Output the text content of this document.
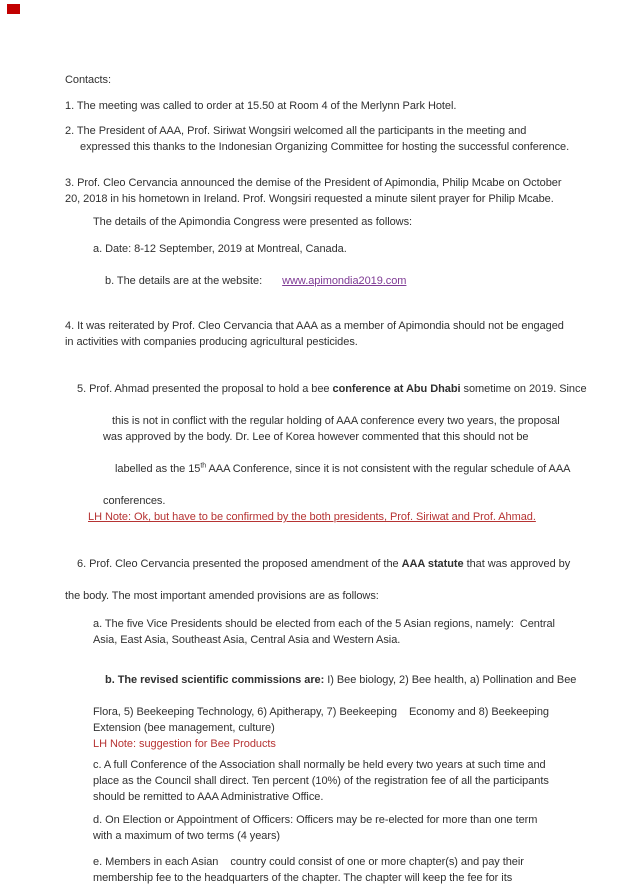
Contacts:
1. The meeting was called to order at 15.50 at Room 4 of the Merlynn Park Hotel.
2. The President of AAA, Prof. Siriwat Wongsiri welcomed all the participants in the meeting and
expressed this thanks to the Indonesian Organizing Committee for hosting the successful conference.
3. Prof. Cleo Cervancia announced the demise of the President of Apimondia, Philip Mcabe on October
20, 2018 in his hometown in Ireland. Prof. Wongsiri requested a minute silent prayer for Philip Mcabe.
The details of the Apimondia Congress were presented as follows:
a. Date: 8-12 September, 2019 at Montreal, Canada.

b. The details are at the website: www.apimondia2019.com

4. It was reiterated by Prof. Cleo Cervancia that AAA as a member of Apimondia should not be engaged
in activities with companies producing agricultural pesticides.

5. Prof. Ahmad presented the proposal to hold a bee conference at Abu Dhabi sometime on 2019. Since

this is not in conflict with the regular holding of AAA conference every two years, the proposal
was approved by the body. Dr. Lee of Korea however commented that this should not be

labelled as the 15th AAA Conference, since it is not consistent with the regular schedule of AAA

conferences.
LH Note: Ok, but have to be confirmed by the both presidents, Prof. Siriwat and Prof. Ahmad.

6. Prof. Cleo Cervancia presented the proposed amendment of the AAA statute that was approved by

the body. The most important amended provisions are as follows:
a. The five Vice Presidents should be elected from each of the 5 Asian regions, namely:  Central
Asia, East Asia, Southeast Asia, Central Asia and Western Asia.

b. The revised scientific commissions are: I) Bee biology, 2) Bee health, a) Pollination and Bee

Flora, 5) Beekeeping Technology, 6) Apitherapy, 7) Beekeeping    Economy and 8) Beekeeping
Extension (bee management, culture)
LH Note: suggestion for Bee Products
c. A full Conference of the Association shall normally be held every two years at such time and
place as the Council shall direct. Ten percent (10%) of the registration fee of all the participants
should be remitted to AAA Administrative Office.
d. On Election or Appointment of Officers: Officers may be re-elected for more than one term
with a maximum of two terms (4 years)
e. Members in each Asian    country could consist of one or more chapter(s) and pay their
membership fee to the headquarters of the chapter. The chapter will keep the fee for its
